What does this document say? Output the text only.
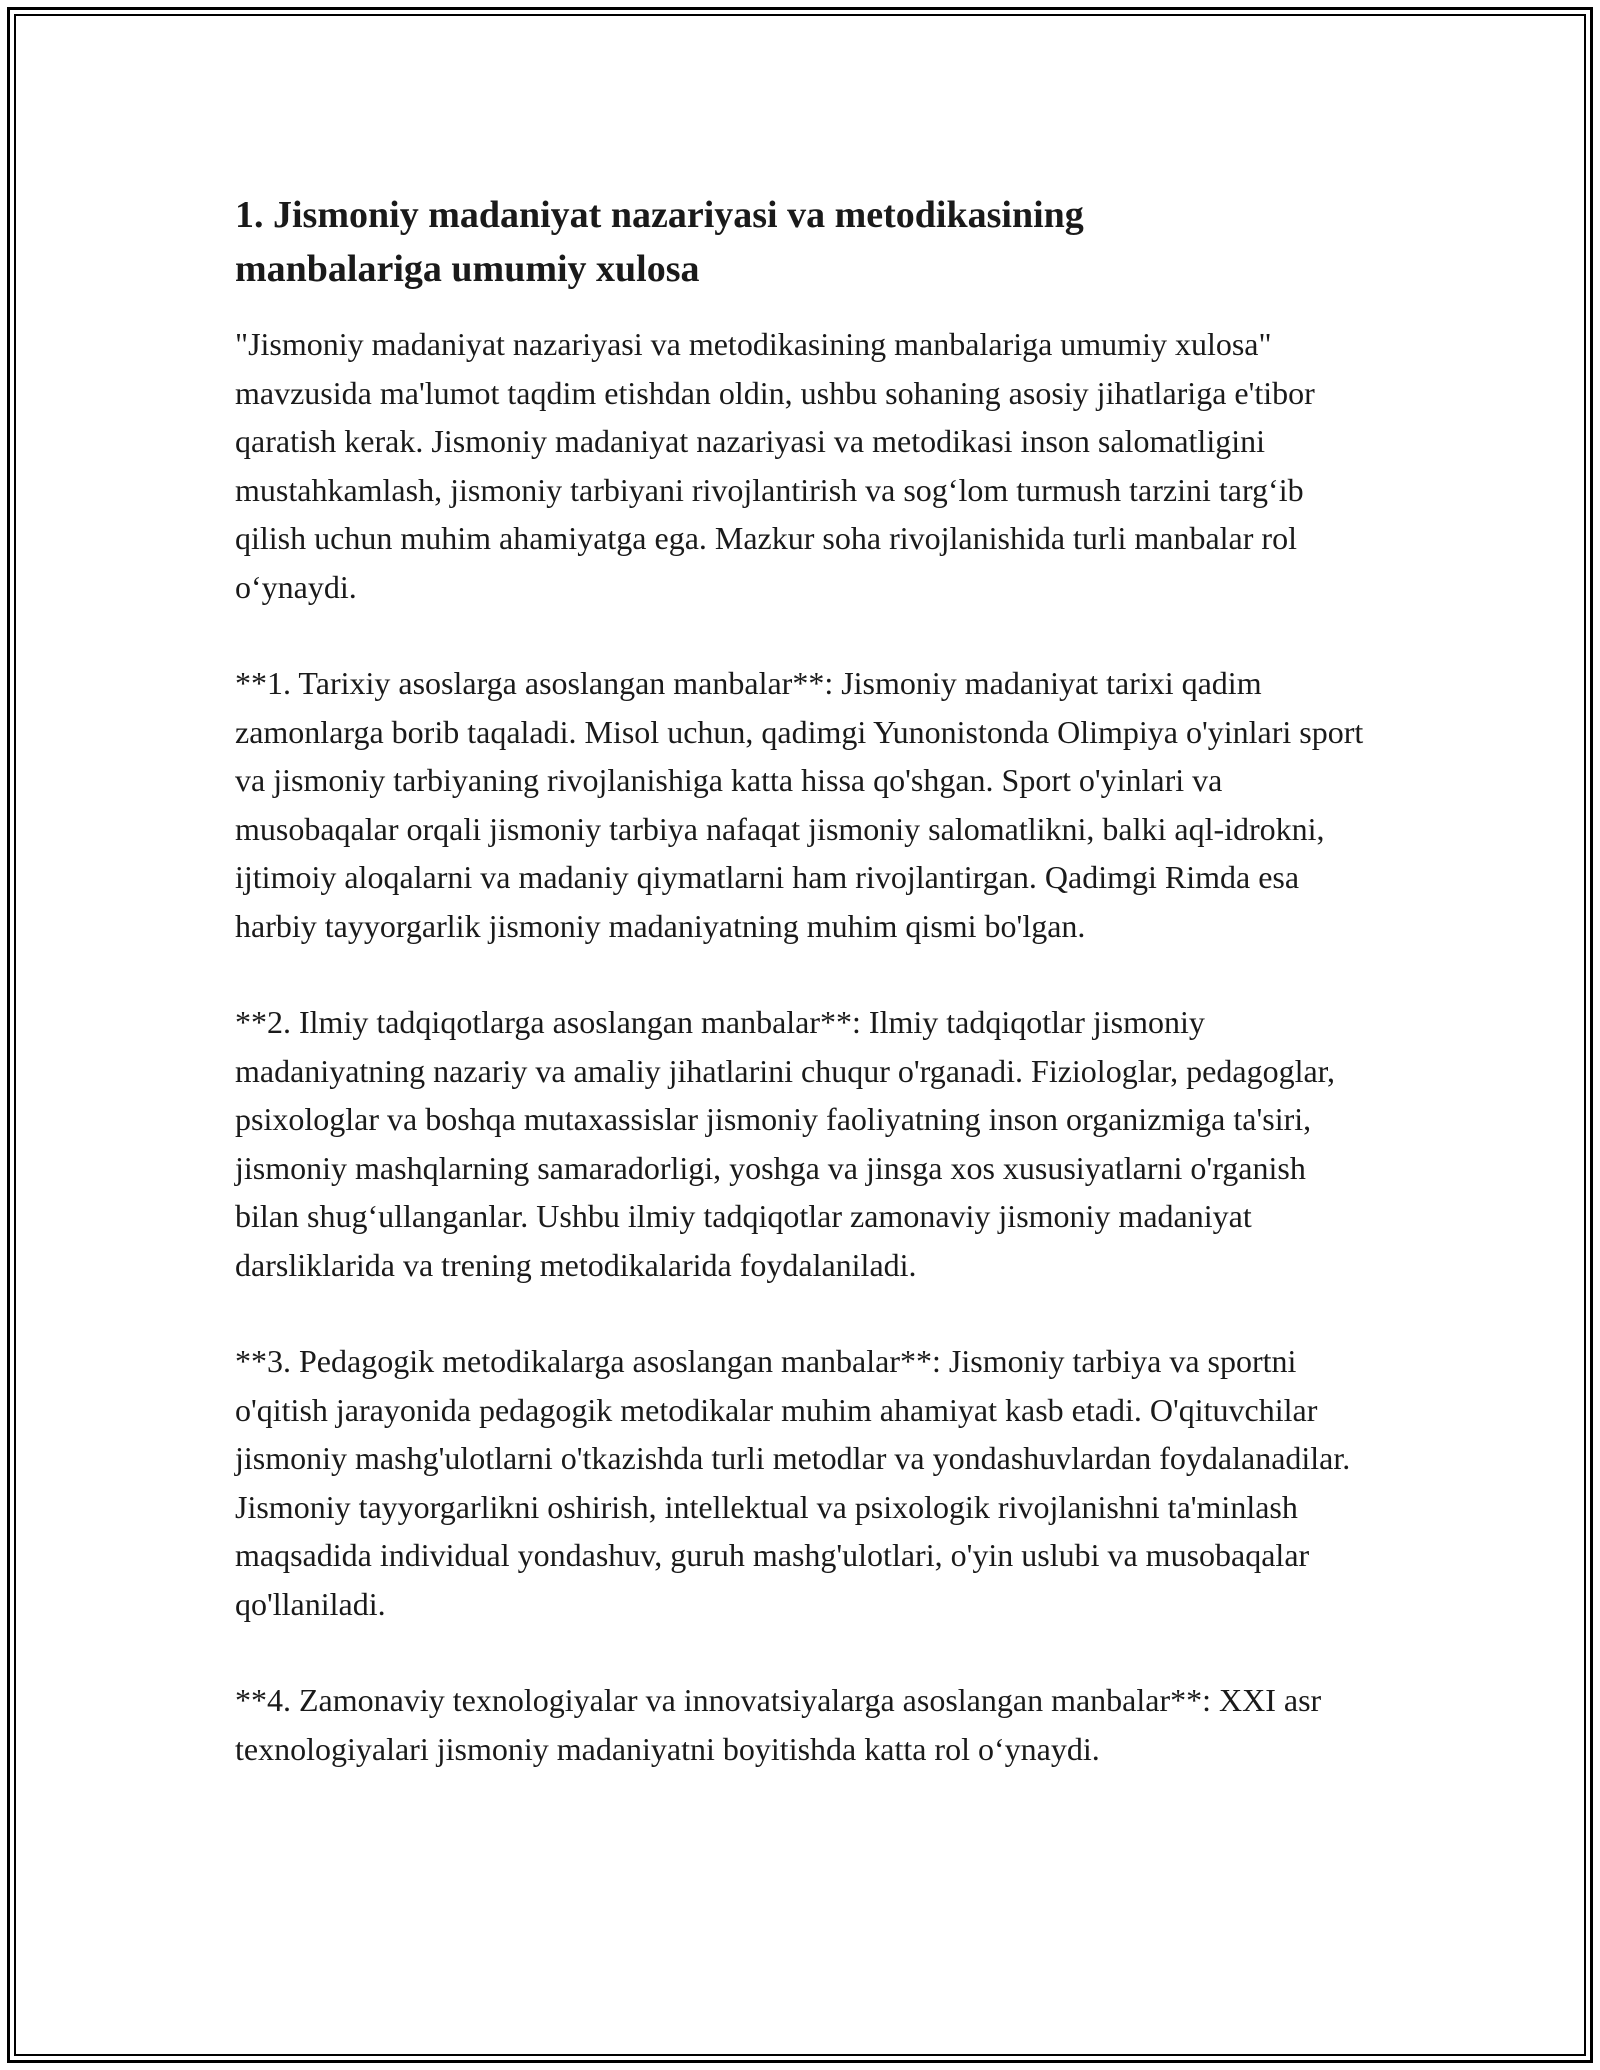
1. Jismoniy madaniyat nazariyasi va metodikasining
manbalariga umumiy xulosa

"Jismoniy madaniyat nazariyasi va metodikasining manbalariga umumiy xulosa" mavzusida ma'lumot taqdim etishdan oldin, ushbu sohaning asosiy jihatlariga e'tibor qaratish kerak. Jismoniy madaniyat nazariyasi va metodikasi inson salomatligini mustahkamlash, jismoniy tarbiyani rivojlantirish va sog‘lom turmush tarzini targ‘ib qilish uchun muhim ahamiyatga ega. Mazkur soha rivojlanishida turli manbalar rol o‘ynaydi.

**1. Tarixiy asoslarga asoslangan manbalar**: Jismoniy madaniyat tarixi qadim zamonlarga borib taqaladi. Misol uchun, qadimgi Yunonistonda Olimpiya o'yinlari sport va jismoniy tarbiyaning rivojlanishiga katta hissa qo'shgan. Sport o'yinlari va musobaqalar orqali jismoniy tarbiya nafaqat jismoniy salomatlikni, balki aql-idrokni, ijtimoiy aloqalarni va madaniy qiymatlarni ham rivojlantirgan. Qadimgi Rimda esa harbiy tayyorgarlik jismoniy madaniyatning muhim qismi bo'lgan.

**2. Ilmiy tadqiqotlarga asoslangan manbalar**: Ilmiy tadqiqotlar jismoniy madaniyatning nazariy va amaliy jihatlarini chuqur o'rganadi. Fiziologlar, pedagoglar, psixologlar va boshqa mutaxassislar jismoniy faoliyatning inson organizmiga ta'siri, jismoniy mashqlarning samaradorligi, yoshga va jinsga xos xususiyatlarni o'rganish bilan shug‘ullanganlar. Ushbu ilmiy tadqiqotlar zamonaviy jismoniy madaniyat darsliklarida va trening metodikalarida foydalaniladi.

**3. Pedagogik metodikalarga asoslangan manbalar**: Jismoniy tarbiya va sportni o'qitish jarayonida pedagogik metodikalar muhim ahamiyat kasb etadi. O'qituvchilar jismoniy mashg'ulotlarni o'tkazishda turli metodlar va yondashuvlardan foydalanadilar. Jismoniy tayyorgarlikni oshirish, intellektual va psixologik rivojlanishni ta'minlash maqsadida individual yondashuv, guruh mashg'ulotlari, o'yin uslubi va musobaqalar qo'llaniladi.

**4. Zamonaviy texnologiyalar va innovatsiyalarga asoslangan manbalar**: XXI asr texnologiyalari jismoniy madaniyatni boyitishda katta rol o‘ynaydi.
